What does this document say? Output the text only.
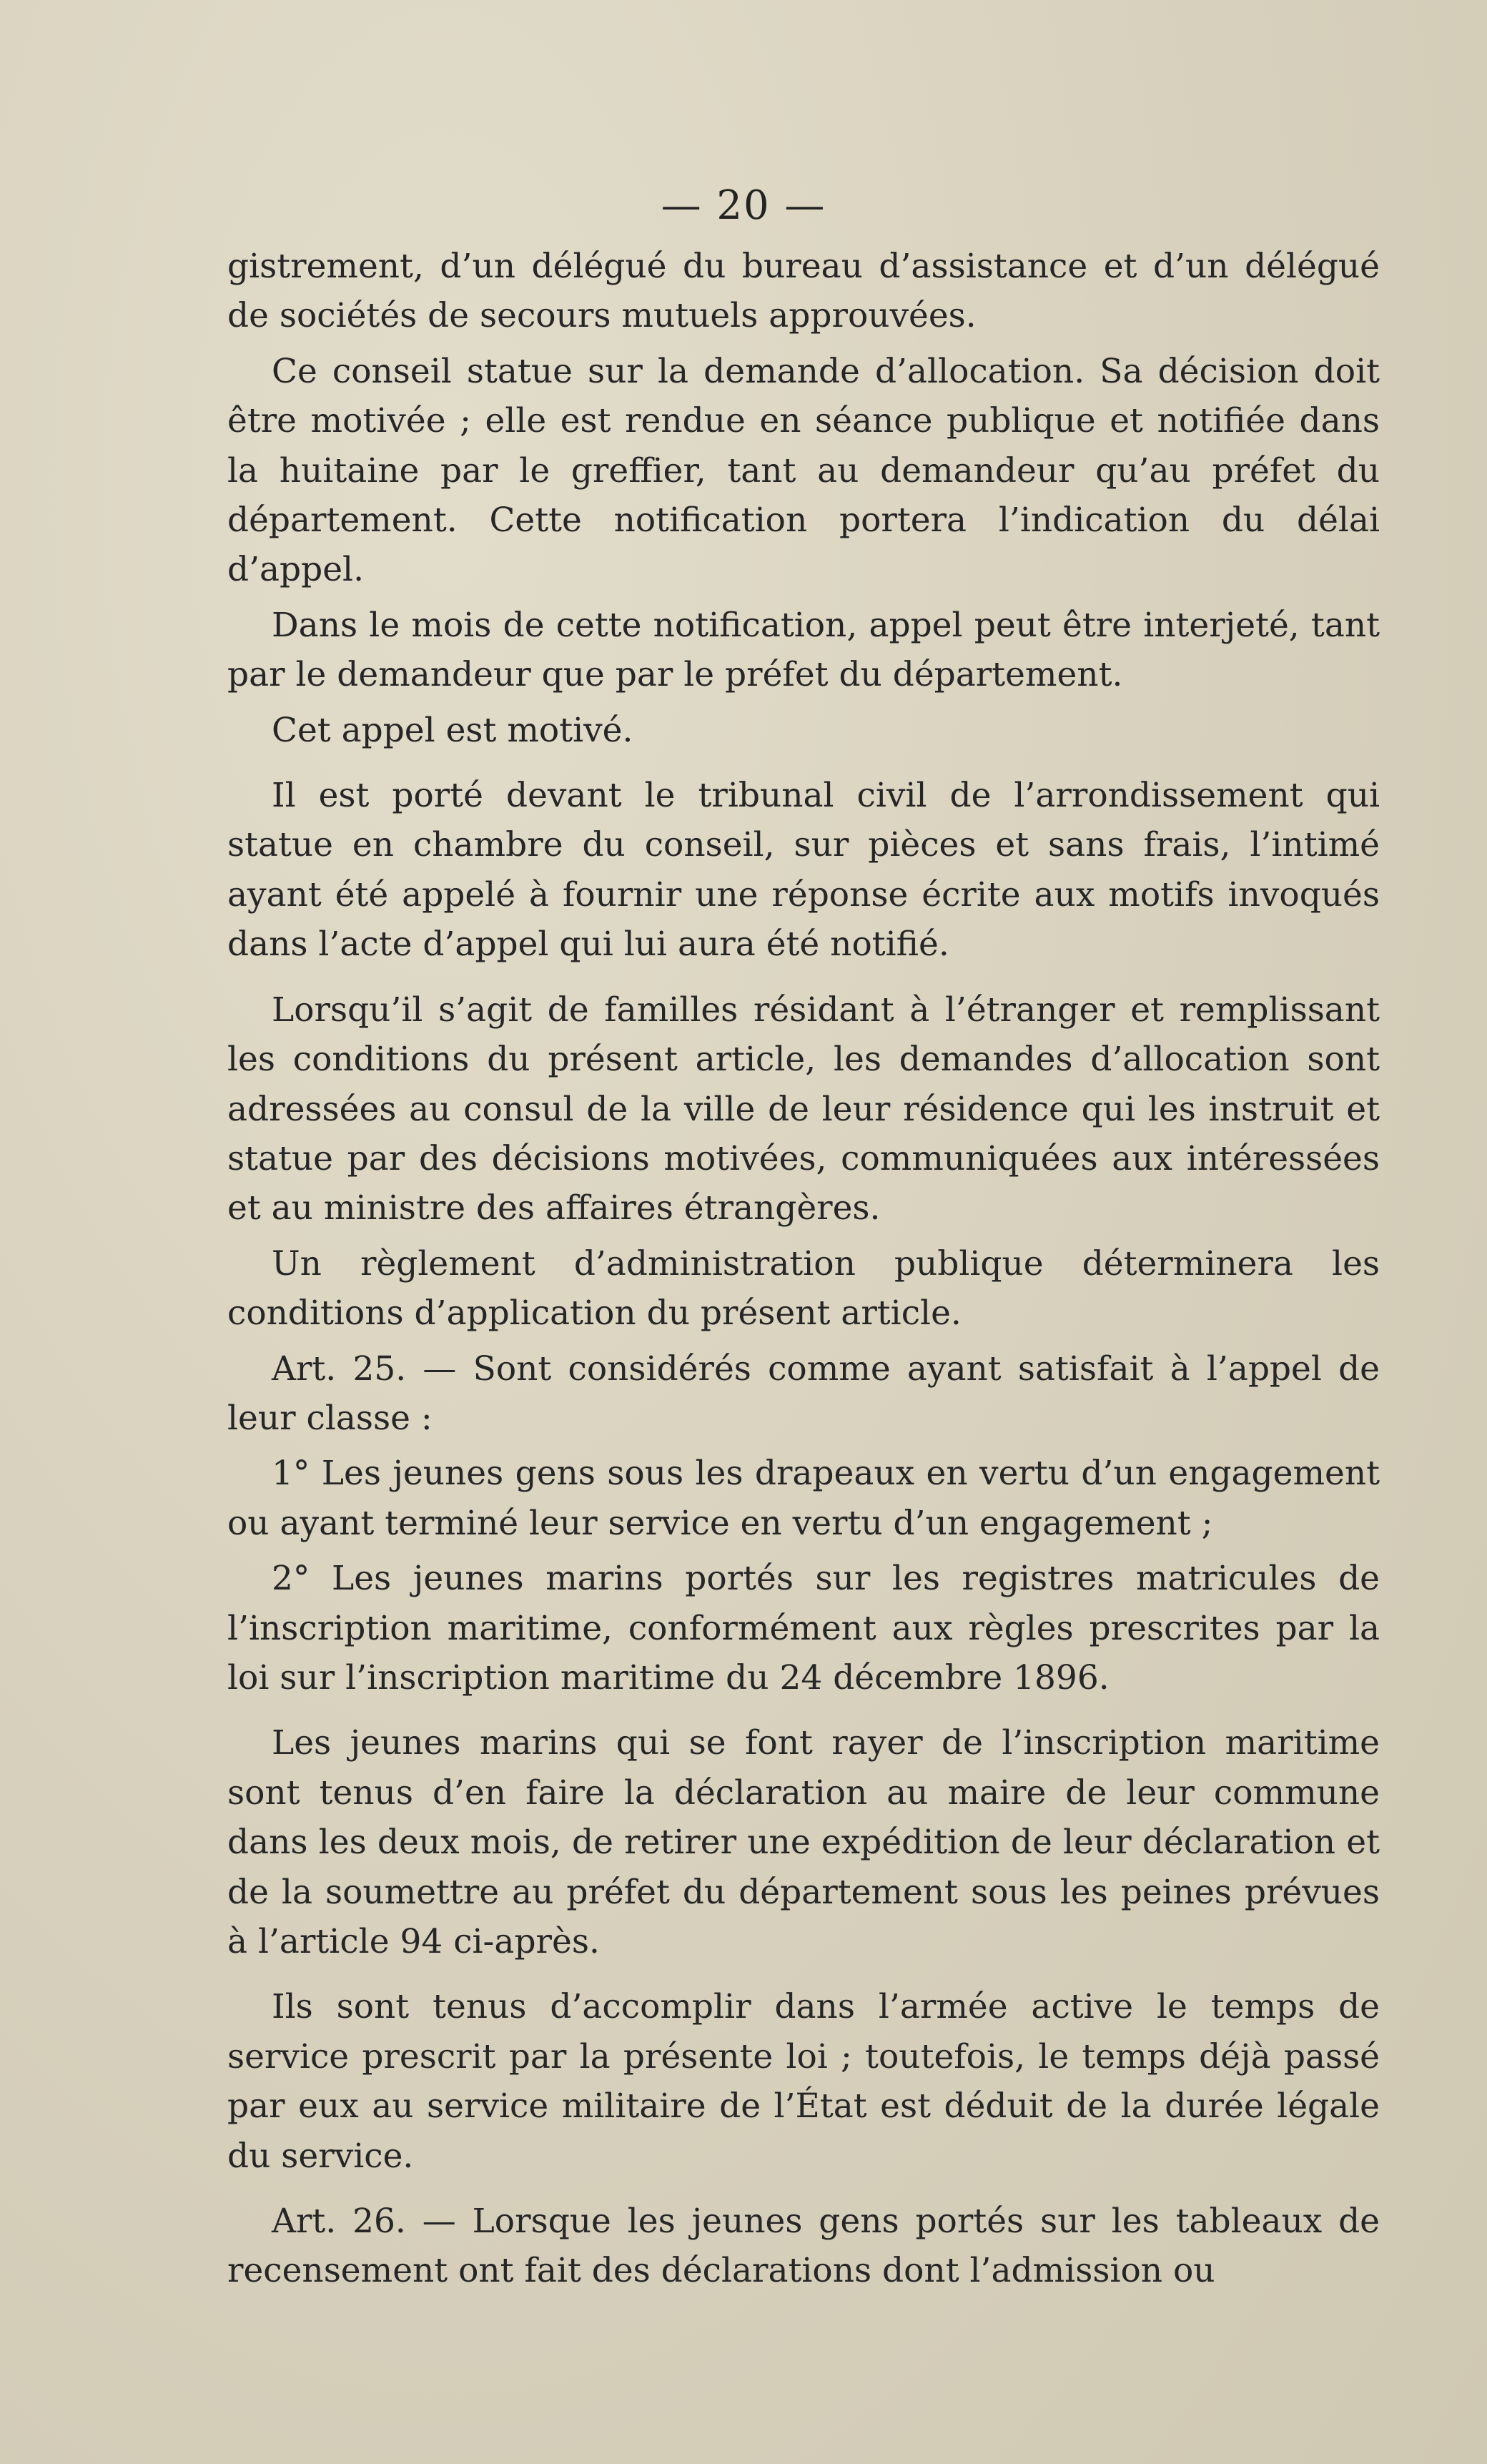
— 20 —

gistrement, d’un délégué du bureau d’assistance et d’un délégué de sociétés de secours mutuels approuvées.

Ce conseil statue sur la demande d’allocation. Sa décision doit être motivée ; elle est rendue en séance publique et notifiée dans la huitaine par le greffier, tant au demandeur qu’au préfet du département. Cette notification portera l’indication du délai d’appel.

Dans le mois de cette notification, appel peut être interjeté, tant par le demandeur que par le préfet du département.

Cet appel est motivé.

Il est porté devant le tribunal civil de l’arrondissement qui statue en chambre du conseil, sur pièces et sans frais, l’intimé ayant été appelé à fournir une réponse écrite aux motifs invoqués dans l’acte d’appel qui lui aura été notifié.

Lorsqu’il s’agit de familles résidant à l’étranger et remplissant les conditions du présent article, les demandes d’allocation sont adressées au consul de la ville de leur résidence qui les instruit et statue par des décisions motivées, communiquées aux intéressées et au ministre des affaires étrangères.

Un règlement d’administration publique déterminera les conditions d’application du présent article.

Art. 25. — Sont considérés comme ayant satisfait à l’appel de leur classe :

1° Les jeunes gens sous les drapeaux en vertu d’un engagement ou ayant terminé leur service en vertu d’un engagement ;

2° Les jeunes marins portés sur les registres matricules de l’inscription maritime, conformément aux règles prescrites par la loi sur l’inscription maritime du 24 décembre 1896.

Les jeunes marins qui se font rayer de l’inscription maritime sont tenus d’en faire la déclaration au maire de leur commune dans les deux mois, de retirer une expédition de leur déclaration et de la soumettre au préfet du département sous les peines prévues à l’article 94 ci-après.

Ils sont tenus d’accomplir dans l’armée active le temps de service prescrit par la présente loi ; toutefois, le temps déjà passé par eux au service militaire de l’État est déduit de la durée légale du service.

Art. 26. — Lorsque les jeunes gens portés sur les tableaux de recensement ont fait des déclarations dont l’admission ou
